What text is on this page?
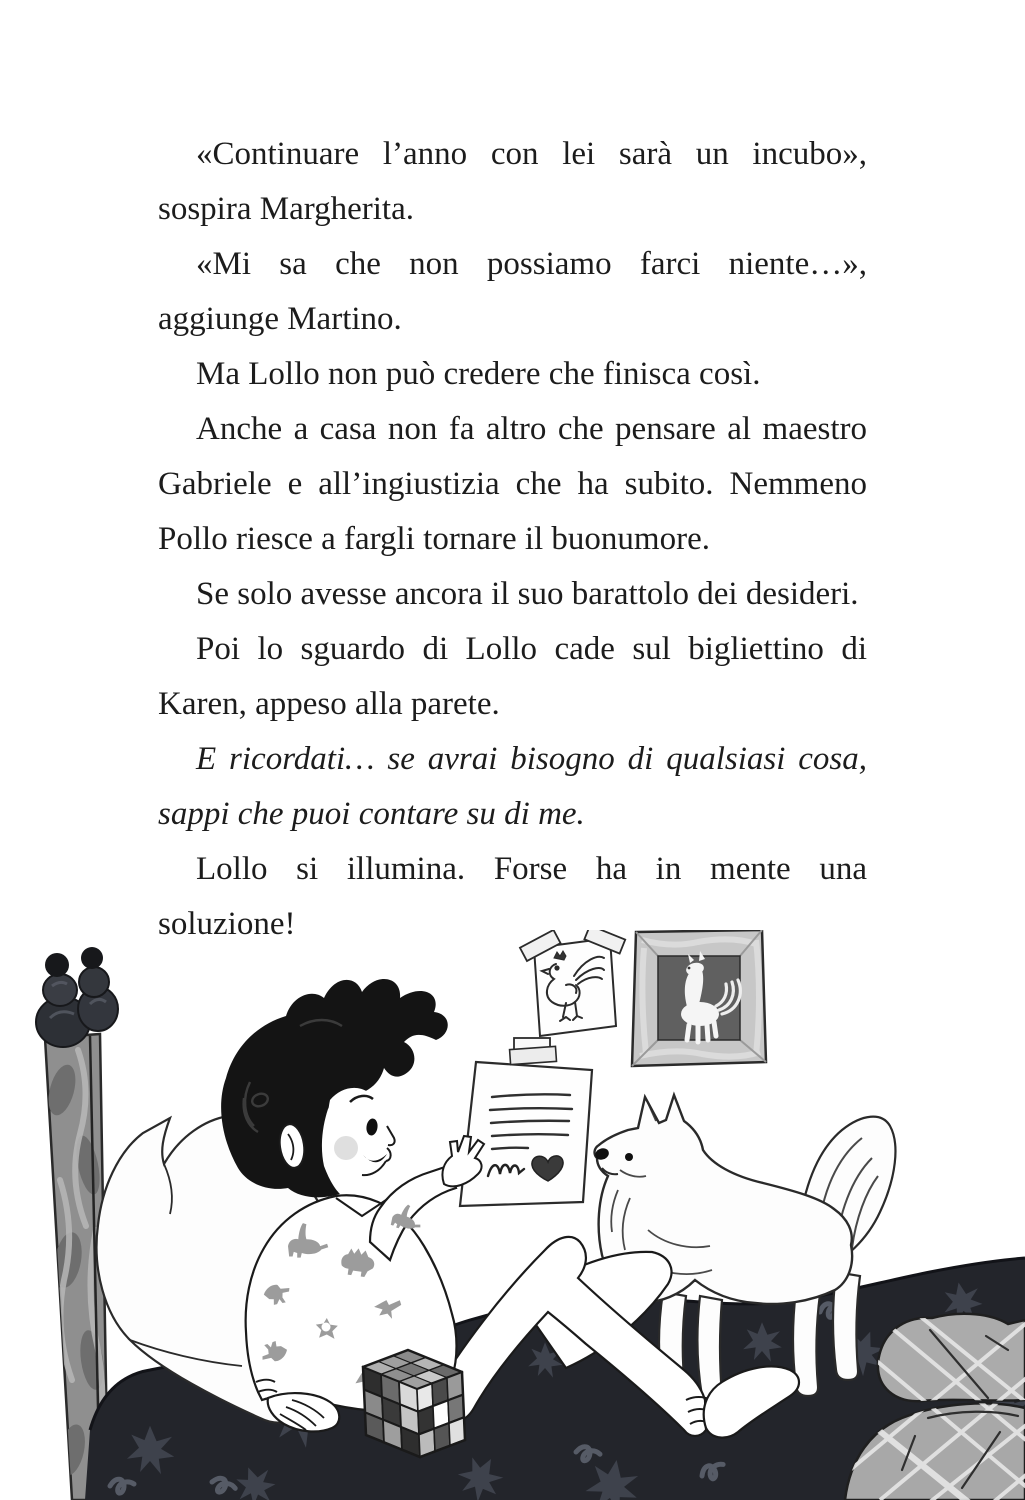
«Continuare l’anno con lei sarà un incubo», sospira Margherita.

«Mi sa che non possiamo farci niente…», aggiunge Martino.

Ma Lollo non può credere che finisca così.

Anche a casa non fa altro che pensare al maestro Gabriele e all’ingiustizia che ha subito. Nemmeno Pollo riesce a fargli tornare il buonumore.

Se solo avesse ancora il suo barattolo dei desideri.

Poi lo sguardo di Lollo cade sul bigliettino di Karen, appeso alla parete.

E ricordati… se avrai bisogno di qualsiasi cosa, sappi che puoi contare su di me.

Lollo si illumina. Forse ha in mente una soluzione!
